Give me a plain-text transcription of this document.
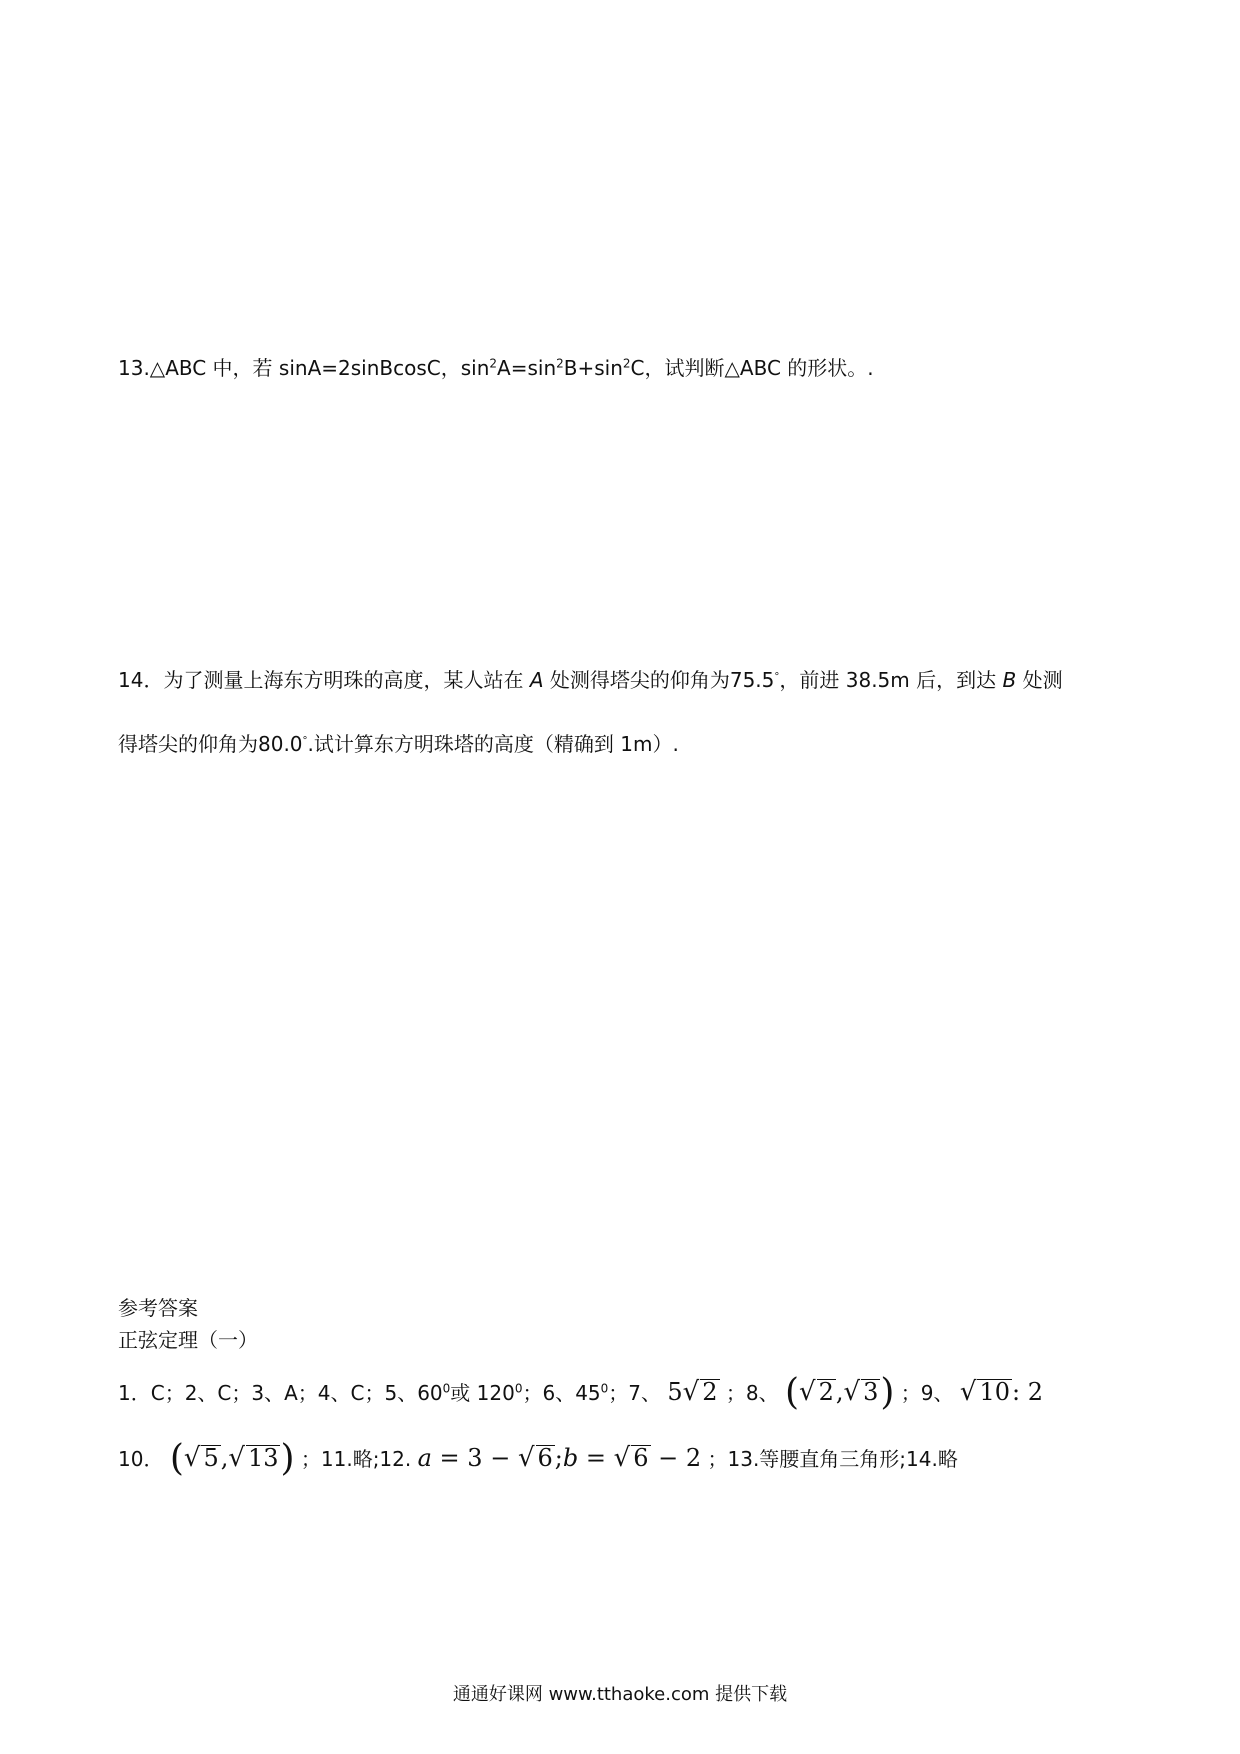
13.△ABC 中，若 sinA=2sinBcosC，$\sin^2A=\sin^2B+\sin^2C$，试判断△ABC 的形状。.
14．为了测量上海东方明珠的高度，某人站在 A 处测得塔尖的仰角为75.5°，前进 38.5m 后，到达 B 处测
得塔尖的仰角为80.0°.试计算东方明珠塔的高度（精确到 1m）.
参考答案
正弦定理（一）
1．C；2、C；3、A；4、C；5、$60^0$或 $120^0$；6、$45^0$；7、 5√ 2 ；8、 (√ 2,√ 3) ；9、 √ 10: 2
10． (√ 5,√ 13) ；11.略;12. a = 3 − √ 6;b = √ 6 − 2 ；13.等腰直角三角形;14.略
通通好课网 www.tthaoke.com 提供下载
